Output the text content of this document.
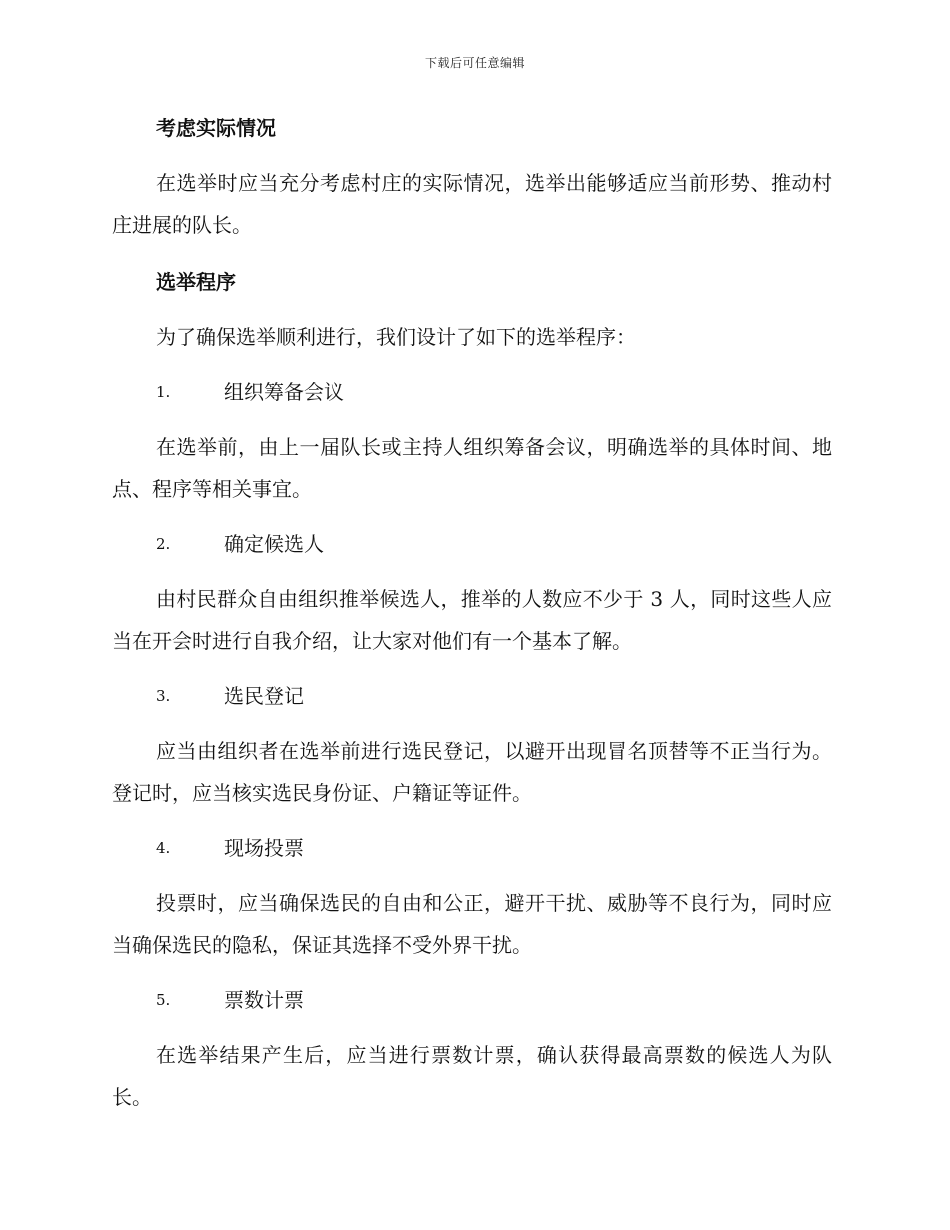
下载后可任意编辑
考虑实际情况

在选举时应当充分考虑村庄的实际情况，选举出能够适应当前形势、推动村庄进展的队长。

选举程序

为了确保选举顺利进行，我们设计了如下的选举程序：

1.	组织筹备会议

在选举前，由上一届队长或主持人组织筹备会议，明确选举的具体时间、地点、程序等相关事宜。

2.	确定候选人

由村民群众自由组织推举候选人，推举的人数应不少于 3 人，同时这些人应当在开会时进行自我介绍，让大家对他们有一个基本了解。

3.	选民登记

应当由组织者在选举前进行选民登记，以避开出现冒名顶替等不正当行为。登记时，应当核实选民身份证、户籍证等证件。

4.	现场投票

投票时，应当确保选民的自由和公正，避开干扰、威胁等不良行为，同时应当确保选民的隐私，保证其选择不受外界干扰。

5.	票数计票

在选举结果产生后，应当进行票数计票，确认获得最高票数的候选人为队长。
